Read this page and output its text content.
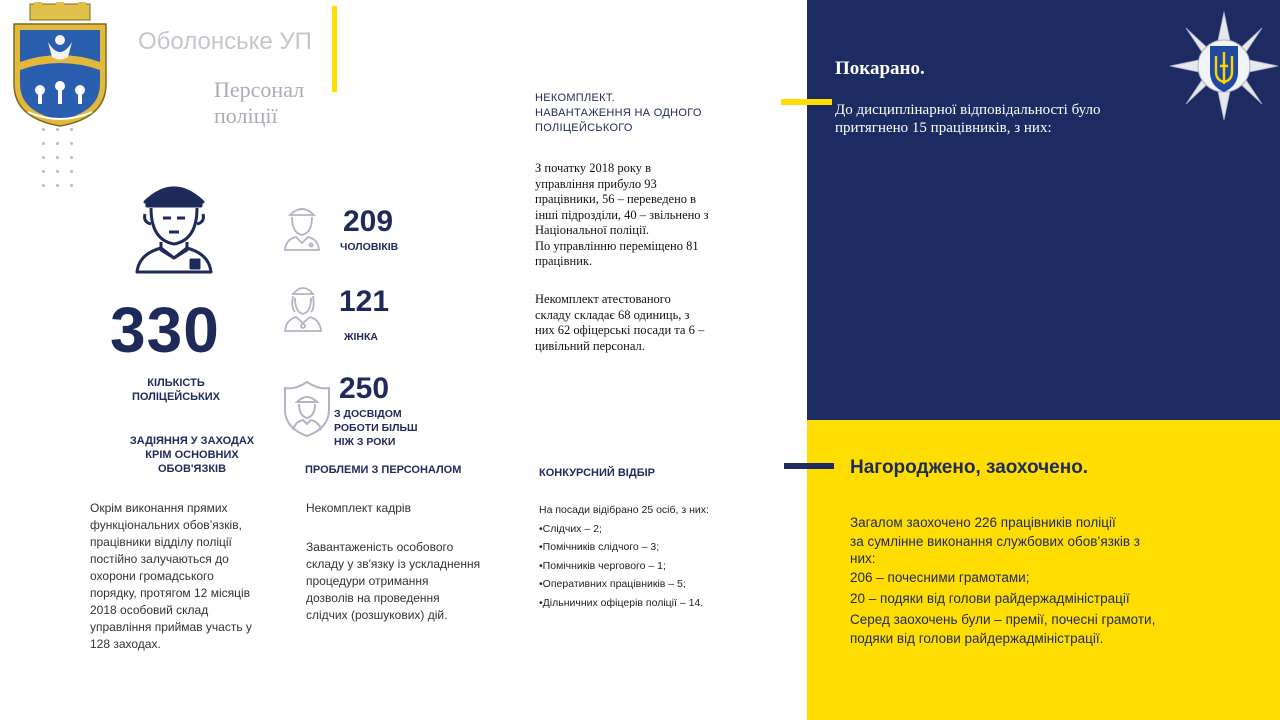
Оболонське УП
Персонал
поліції
330
КІЛЬКІСТЬ
ПОЛІЦЕЙСЬКИХ
209
ЧОЛОВІКІВ
121
ЖІНКА
250
З ДОСВІДОМ
РОБОТИ БІЛЬШ
НІЖ З РОКИ
ЗАДІЯННЯ У ЗАХОДАХ
КРІМ ОСНОВНИХ
ОБОВ'ЯЗКІВ
Окрім виконання прямих
функціональних обов’язків,
працівники відділу поліції
постійно залучаються до
охорони громадського
порядку, протягом 12 місяців
2018 особовий склад
управління приймав участь у
128 заходах.
ПРОБЛЕМИ З ПЕРСОНАЛОМ
Некомплект кадрів
Завантаженість особового
складу у зв'язку із ускладнення
процедури отримання
дозволів на проведення
слідчих (розшукових) дій.
НЕКОМПЛЕКТ.
НАВАНТАЖЕННЯ НА ОДНОГО
ПОЛІЦЕЙСЬКОГО
З початку 2018 року в
управління прибуло 93
працівники, 56 – переведено в
інші підрозділи, 40 – звільнено з
Національної поліції.
По управлінню переміщено 81
працівник.
Некомплект атестованого
складу складає 68 одиниць, з
них 62 офіцерські посади та 6 –
цивільний персонал.
КОНКУРСНИЙ ВІДБІР
На посади відібрано 25 осіб, з них:
•Слідчих – 2;
•Помічників слідчого – 3;
•Помічників чергового – 1;
•Оперативних працівників – 5;
•Дільничних офіцерів поліції – 14.
Покарано.
До дисциплінарної відповідальності було
притягнено 15 працівників, з них:
Нагороджено, заохочено.
Загалом заохочено 226 працівників поліції
за сумлінне виконання службових обов’язків з
них:
206 – почесними грамотами;
20 – подяки від голови райдержадміністрації
Серед заохочень були – премії, почесні грамоти,
подяки від голови райдержадміністрації.
